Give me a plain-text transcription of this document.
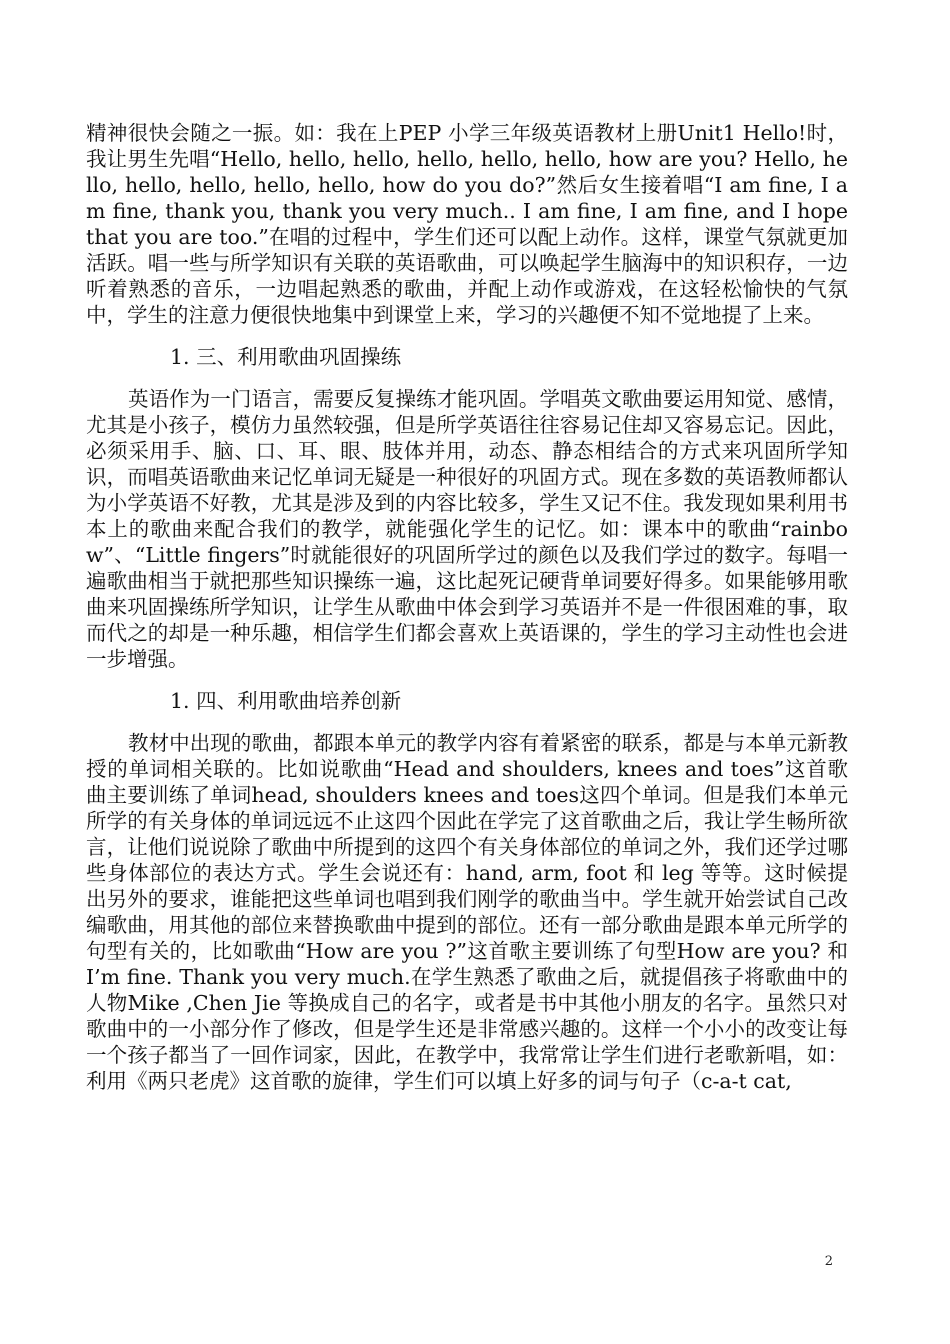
精神很快会随之一振。如：我在上PEP 小学三年级英语教材上册Unit1 Hello!时，我让男生先唱“Hello, hello, hello, hello, hello, hello, how are you? Hello, hello, hello, hello, hello, hello, how do you do?”然后女生接着唱“I am fine, I am fine, thank you, thank you very much.. I am fine, I am fine, and I hope that you are too.”在唱的过程中，学生们还可以配上动作。这样，课堂气氛就更加活跃。唱一些与所学知识有关联的英语歌曲，可以唤起学生脑海中的知识积存，一边听着熟悉的音乐，一边唱起熟悉的歌曲，并配上动作或游戏，在这轻松愉快的气氛中，学生的注意力便很快地集中到课堂上来，学习的兴趣便不知不觉地提了上来。

1. 三、利用歌曲巩固操练

英语作为一门语言，需要反复操练才能巩固。学唱英文歌曲要运用知觉、感情，尤其是小孩子，模仿力虽然较强，但是所学英语往往容易记住却又容易忘记。因此，必须采用手、脑、口、耳、眼、肢体并用，动态、静态相结合的方式来巩固所学知识，而唱英语歌曲来记忆单词无疑是一种很好的巩固方式。现在多数的英语教师都认为小学英语不好教，尤其是涉及到的内容比较多，学生又记不住。我发现如果利用书本上的歌曲来配合我们的教学，就能强化学生的记忆。如：课本中的歌曲“rainbow”、“Little fingers”时就能很好的巩固所学过的颜色以及我们学过的数字。每唱一遍歌曲相当于就把那些知识操练一遍，这比起死记硬背单词要好得多。如果能够用歌曲来巩固操练所学知识，让学生从歌曲中体会到学习英语并不是一件很困难的事，取而代之的却是一种乐趣，相信学生们都会喜欢上英语课的，学生的学习主动性也会进一步增强。

1. 四、利用歌曲培养创新

教材中出现的歌曲，都跟本单元的教学内容有着紧密的联系，都是与本单元新教授的单词相关联的。比如说歌曲“Head and shoulders, knees and toes”这首歌曲主要训练了单词head, shoulders knees and toes这四个单词。但是我们本单元所学的有关身体的单词远远不止这四个因此在学完了这首歌曲之后，我让学生畅所欲言，让他们说说除了歌曲中所提到的这四个有关身体部位的单词之外，我们还学过哪些身体部位的表达方式。学生会说还有：hand, arm, foot 和 leg 等等。这时候提出另外的要求，谁能把这些单词也唱到我们刚学的歌曲当中。学生就开始尝试自己改编歌曲，用其他的部位来替换歌曲中提到的部位。还有一部分歌曲是跟本单元所学的句型有关的，比如歌曲“How are you ?”这首歌主要训练了句型How are you? 和I’m fine. Thank you very much.在学生熟悉了歌曲之后，就提倡孩子将歌曲中的人物Mike ,Chen Jie 等换成自己的名字，或者是书中其他小朋友的名字。虽然只对歌曲中的一小部分作了修改，但是学生还是非常感兴趣的。这样一个小小的改变让每一个孩子都当了一回作词家，因此，在教学中，我常常让学生们进行老歌新唱，如：利用《两只老虎》这首歌的旋律，学生们可以填上好多的词与句子（c-a-t cat,

2
